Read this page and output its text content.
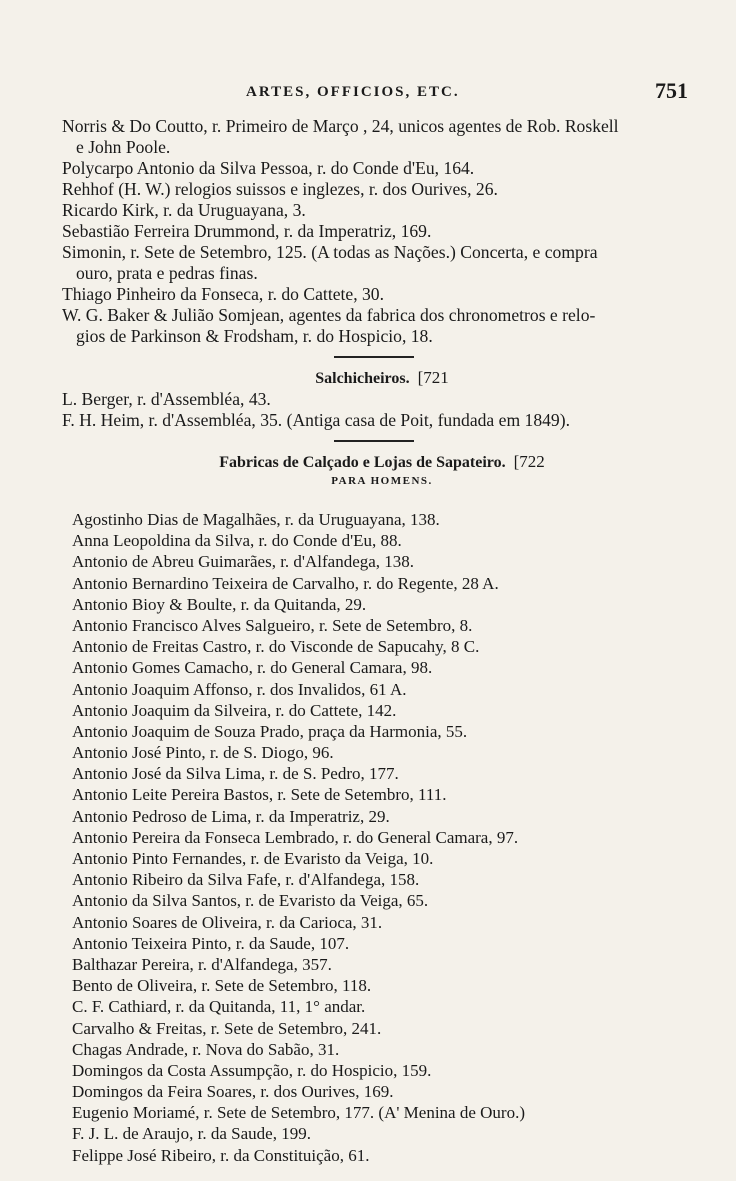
ARTES, OFFICIOS, ETC.	751
Norris & Do Coutto, r. Primeiro de Março , 24, unicos agentes de Rob. Roskell
e John Poole.
Polycarpo Antonio da Silva Pessoa, r. do Conde d'Eu, 164.
Rehhof (H. W.) relogios suissos e inglezes, r. dos Ourives, 26.
Ricardo Kirk, r. da Uruguayana, 3.
Sebastião Ferreira Drummond, r. da Imperatriz, 169.
Simonin, r. Sete de Setembro, 125. (A todas as Nações.) Concerta, e compra
ouro, prata e pedras finas.
Thiago Pinheiro da Fonseca, r. do Cattete, 30.
W. G. Baker & Julião Somjean, agentes da fabrica dos chronometros e relo-
gios de Parkinson & Frodsham, r. do Hospicio, 18.
Salchicheiros. [721
L. Berger, r. d'Assembléa, 43.
F. H. Heim, r. d'Assembléa, 35. (Antiga casa de Poit, fundada em 1849).
Fabricas de Calçado e Lojas de Sapateiro. [722
PARA HOMENS.
Agostinho Dias de Magalhães, r. da Uruguayana, 138.
Anna Leopoldina da Silva, r. do Conde d'Eu, 88.
Antonio de Abreu Guimarães, r. d'Alfandega, 138.
Antonio Bernardino Teixeira de Carvalho, r. do Regente, 28 A.
Antonio Bioy & Boulte, r. da Quitanda, 29.
Antonio Francisco Alves Salgueiro, r. Sete de Setembro, 8.
Antonio de Freitas Castro, r. do Visconde de Sapucahy, 8 C.
Antonio Gomes Camacho, r. do General Camara, 98.
Antonio Joaquim Affonso, r. dos Invalidos, 61 A.
Antonio Joaquim da Silveira, r. do Cattete, 142.
Antonio Joaquim de Souza Prado, praça da Harmonia, 55.
Antonio José Pinto, r. de S. Diogo, 96.
Antonio José da Silva Lima, r. de S. Pedro, 177.
Antonio Leite Pereira Bastos, r. Sete de Setembro, 111.
Antonio Pedroso de Lima, r. da Imperatriz, 29.
Antonio Pereira da Fonseca Lembrado, r. do General Camara, 97.
Antonio Pinto Fernandes, r. de Evaristo da Veiga, 10.
Antonio Ribeiro da Silva Fafe, r. d'Alfandega, 158.
Antonio da Silva Santos, r. de Evaristo da Veiga, 65.
Antonio Soares de Oliveira, r. da Carioca, 31.
Antonio Teixeira Pinto, r. da Saude, 107.
Balthazar Pereira, r. d'Alfandega, 357.
Bento de Oliveira, r. Sete de Setembro, 118.
C. F. Cathiard, r. da Quitanda, 11, 1° andar.
Carvalho & Freitas, r. Sete de Setembro, 241.
Chagas Andrade, r. Nova do Sabão, 31.
Domingos da Costa Assumpção, r. do Hospicio, 159.
Domingos da Feira Soares, r. dos Ourives, 169.
Eugenio Moriamé, r. Sete de Setembro, 177. (A' Menina de Ouro.)
F. J. L. de Araujo, r. da Saude, 199.
Felippe José Ribeiro, r. da Constituição, 61.
